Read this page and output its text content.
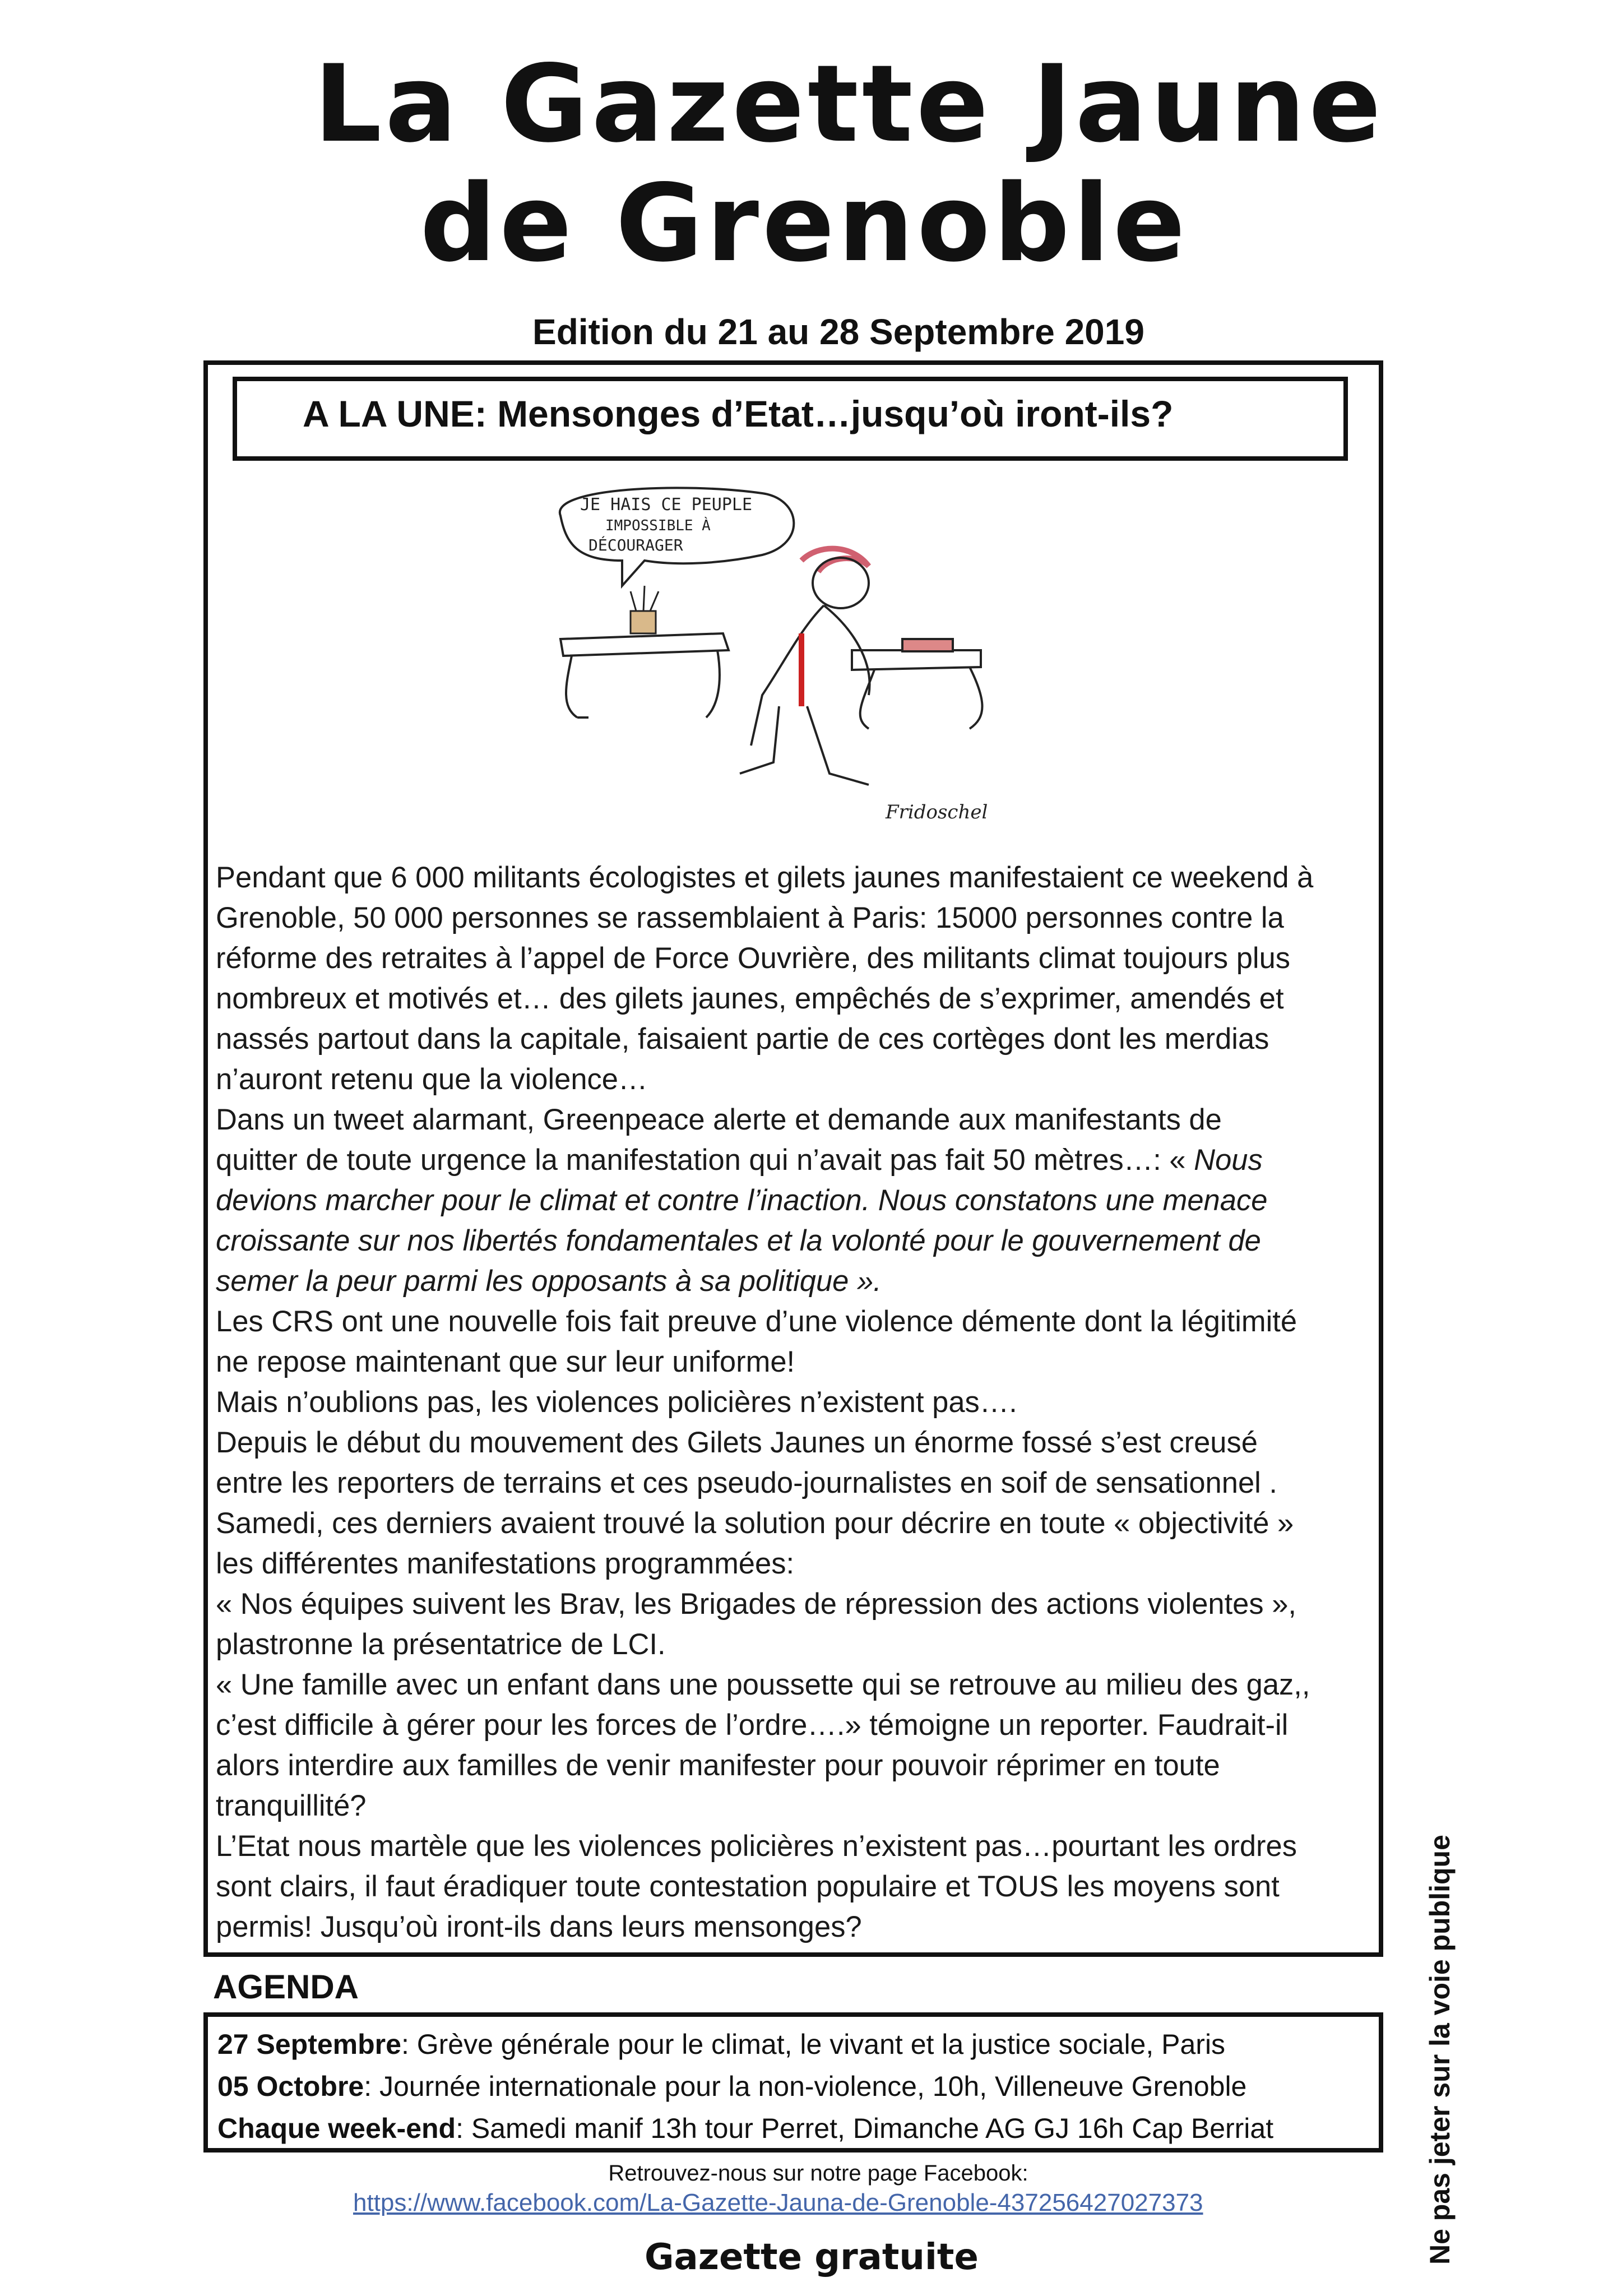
La Gazette Jaune
de Grenoble
Edition du 21 au 28 Septembre 2019
A LA UNE: Mensonges d’Etat…jusqu’où iront-ils?
JE HAIS CE PEUPLE
IMPOSSIBLE À
DÉCOURAGER
Fridoschel
Pendant que 6 000 militants écologistes et gilets jaunes manifestaient ce weekend à
Grenoble, 50 000 personnes se rassemblaient à Paris: 15000 personnes contre la
réforme des retraites à l’appel de Force Ouvrière, des militants climat toujours plus
nombreux et motivés et… des gilets jaunes, empêchés de s’exprimer, amendés et
nassés partout dans la capitale, faisaient partie de ces cortèges dont les merdias
n’auront retenu que la violence…
Dans un tweet alarmant, Greenpeace alerte et demande aux manifestants de
quitter de toute urgence la manifestation qui n’avait pas fait 50 mètres…: « Nous
devions marcher pour le climat et contre l’inaction. Nous constatons une menace
croissante sur nos libertés fondamentales et la volonté pour le gouvernement de
semer la peur parmi les opposants à sa politique ».
Les CRS ont une nouvelle fois fait preuve d’une violence démente dont la légitimité
ne repose maintenant que sur leur uniforme!
Mais n’oublions pas, les violences policières n’existent pas….
Depuis le début du mouvement des Gilets Jaunes un énorme fossé s’est creusé
entre les reporters de terrains et ces pseudo-journalistes en soif de sensationnel .
Samedi, ces derniers avaient trouvé la solution pour décrire en toute « objectivité »
les différentes manifestations programmées:
« Nos équipes suivent les Brav, les Brigades de répression des actions violentes »,
plastronne la présentatrice de LCI.
« Une famille avec un enfant dans une poussette qui se retrouve au milieu des gaz,,
c’est difficile à gérer pour les forces de l’ordre….» témoigne un reporter. Faudrait-il
alors interdire aux familles de venir manifester pour pouvoir réprimer en toute
tranquillité?
L’Etat nous martèle que les violences policières n’existent pas…pourtant les ordres
sont clairs, il faut éradiquer toute contestation populaire et TOUS les moyens sont
permis! Jusqu’où iront-ils dans leurs mensonges?
AGENDA
27 Septembre: Grève générale pour le climat, le vivant et la justice sociale, Paris
05 Octobre: Journée internationale pour la non-violence, 10h, Villeneuve Grenoble
Chaque week-end: Samedi manif 13h tour Perret, Dimanche AG GJ 16h Cap Berriat
Retrouvez-nous sur notre page Facebook:
https://www.facebook.com/La-Gazette-Jauna-de-Grenoble-437256427027373
Gazette gratuite	Ne pas jeter sur la voie publique
